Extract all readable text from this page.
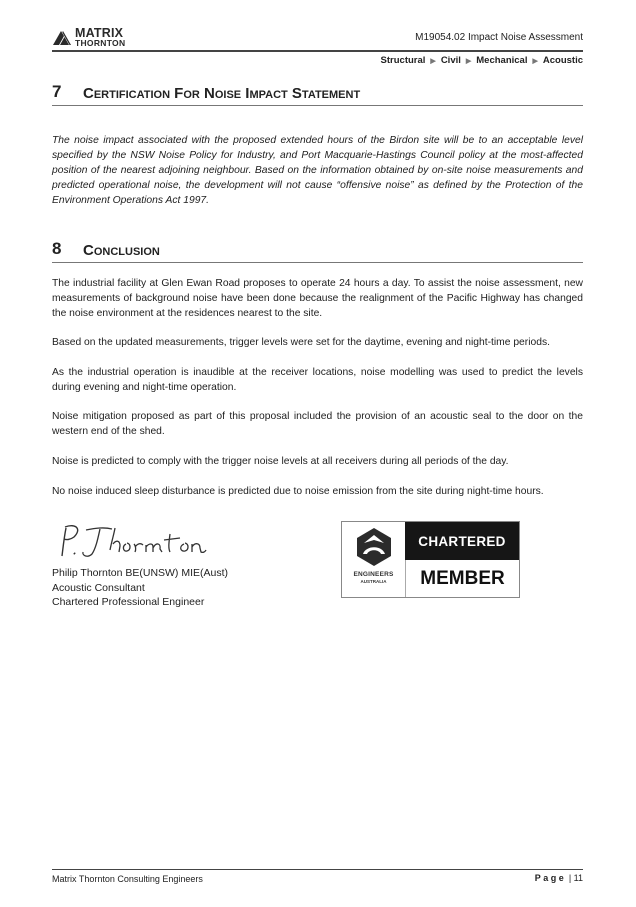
MATRIX
THORNTON	M19054.02 Impact Noise Assessment
Structural ▶ Civil ▶ Mechanical ▶ Acoustic
7	Certification For Noise Impact Statement
The noise impact associated with the proposed extended hours of the Birdon site will be to an acceptable level specified by the NSW Noise Policy for Industry, and Port Macquarie-Hastings Council policy at the most-affected position of the nearest adjoining neighbour. Based on the information obtained by on-site noise measurements and predicted operational noise, the development will not cause “offensive noise” as defined by the Protection of the Environment Operations Act 1997.
8	Conclusion
The industrial facility at Glen Ewan Road proposes to operate 24 hours a day. To assist the noise assessment, new measurements of background noise have been done because the realignment of the Pacific Highway has changed the noise environment at the residences nearest to the site.
Based on the updated measurements, trigger levels were set for the daytime, evening and night-time periods.
As the industrial operation is inaudible at the receiver locations, noise modelling was used to predict the levels during evening and night-time operation.
Noise mitigation proposed as part of this proposal included the provision of an acoustic seal to the door on the western end of the shed.
Noise is predicted to comply with the trigger noise levels at all receivers during all periods of the day.
No noise induced sleep disturbance is predicted due to noise emission from the site during night-time hours.
Philip Thornton BE(UNSW) MIE(Aust)
Acoustic Consultant
Chartered Professional Engineer
ENGINEERS
AUSTRALIA
CHARTERED
MEMBER
Matrix Thornton Consulting Engineers	Page | 11
